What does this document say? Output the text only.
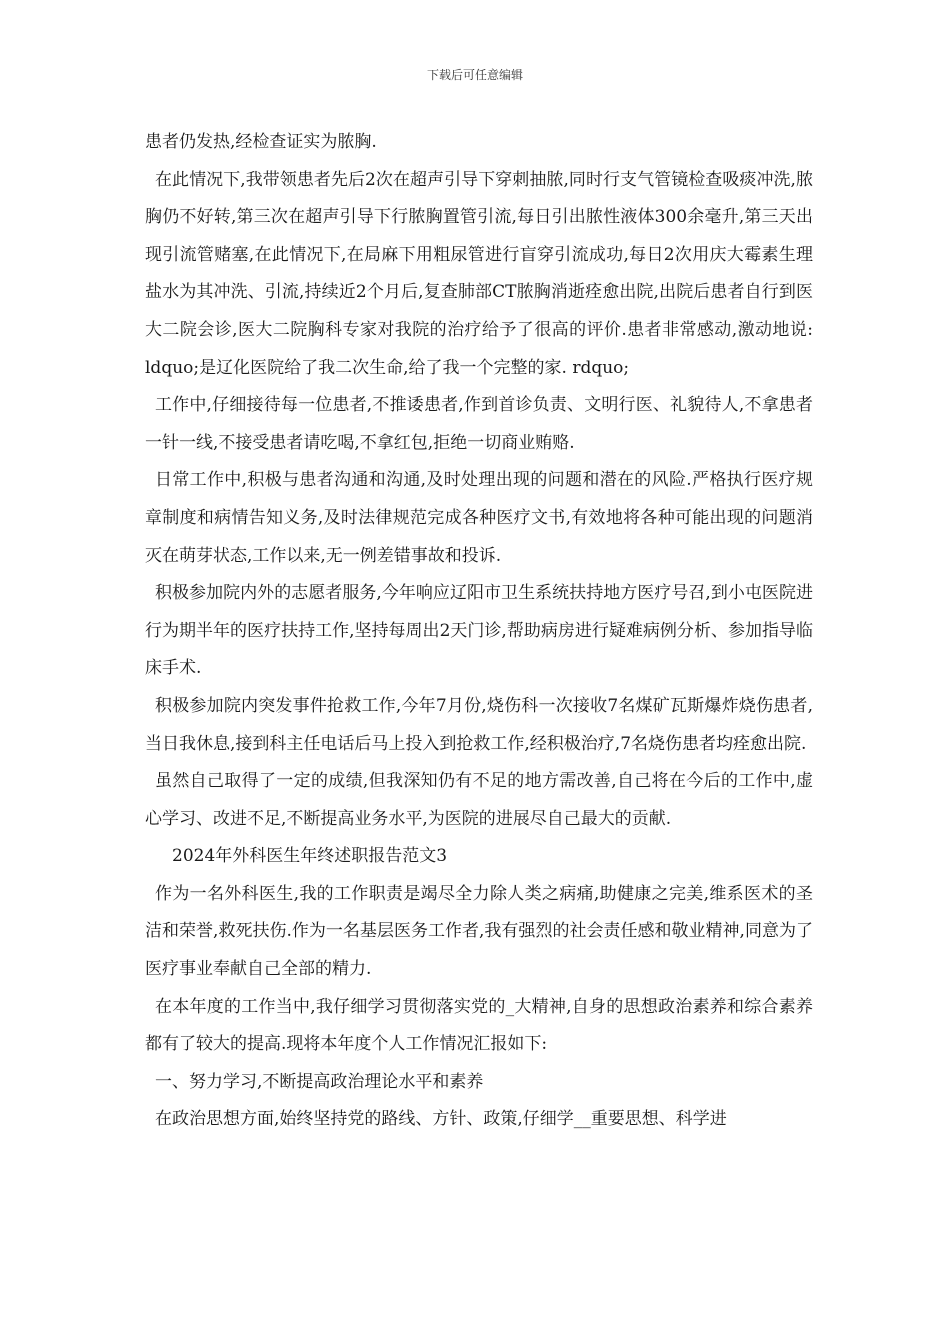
下载后可任意编辑

患者仍发热,经检查证实为脓胸.

在此情况下,我带领患者先后2次在超声引导下穿刺抽脓,同时行支气管镜检查吸痰冲洗,脓胸仍不好转,第三次在超声引导下行脓胸置管引流,每日引出脓性液体300余毫升,第三天出现引流管赌塞,在此情况下,在局麻下用粗尿管进行盲穿引流成功,每日2次用庆大霉素生理盐水为其冲洗、引流,持续近2个月后,复查肺部CT脓胸消逝痊愈出院,出院后患者自行到医大二院会诊,医大二院胸科专家对我院的治疗给予了很高的评价.患者非常感动,激动地说: ldquo;是辽化医院给了我二次生命,给了我一个完整的家. rdquo;

工作中,仔细接待每一位患者,不推诿患者,作到首诊负责、文明行医、礼貌待人,不拿患者一针一线,不接受患者请吃喝,不拿红包,拒绝一切商业贿赂.

日常工作中,积极与患者沟通和沟通,及时处理出现的问题和潜在的风险.严格执行医疗规章制度和病情告知义务,及时法律规范完成各种医疗文书,有效地将各种可能出现的问题消灭在萌芽状态,工作以来,无一例差错事故和投诉.

积极参加院内外的志愿者服务,今年响应辽阳市卫生系统扶持地方医疗号召,到小屯医院进行为期半年的医疗扶持工作,坚持每周出2天门诊,帮助病房进行疑难病例分析、参加指导临床手术.

积极参加院内突发事件抢救工作,今年7月份,烧伤科一次接收7名煤矿瓦斯爆炸烧伤患者,当日我休息,接到科主任电话后马上投入到抢救工作,经积极治疗,7名烧伤患者均痊愈出院.

虽然自己取得了一定的成绩,但我深知仍有不足的地方需改善,自己将在今后的工作中,虚心学习、改进不足,不断提高业务水平,为医院的进展尽自己最大的贡献.

2024年外科医生年终述职报告范文3

作为一名外科医生,我的工作职责是竭尽全力除人类之病痛,助健康之完美,维系医术的圣洁和荣誉,救死扶伤.作为一名基层医务工作者,我有强烈的社会责任感和敬业精神,同意为了医疗事业奉献自己全部的精力.

在本年度的工作当中,我仔细学习贯彻落实党的_大精神,自身的思想政治素养和综合素养都有了较大的提高.现将本年度个人工作情况汇报如下:

一、努力学习,不断提高政治理论水平和素养

在政治思想方面,始终坚持党的路线、方针、政策,仔细学__重要思想、科学进
